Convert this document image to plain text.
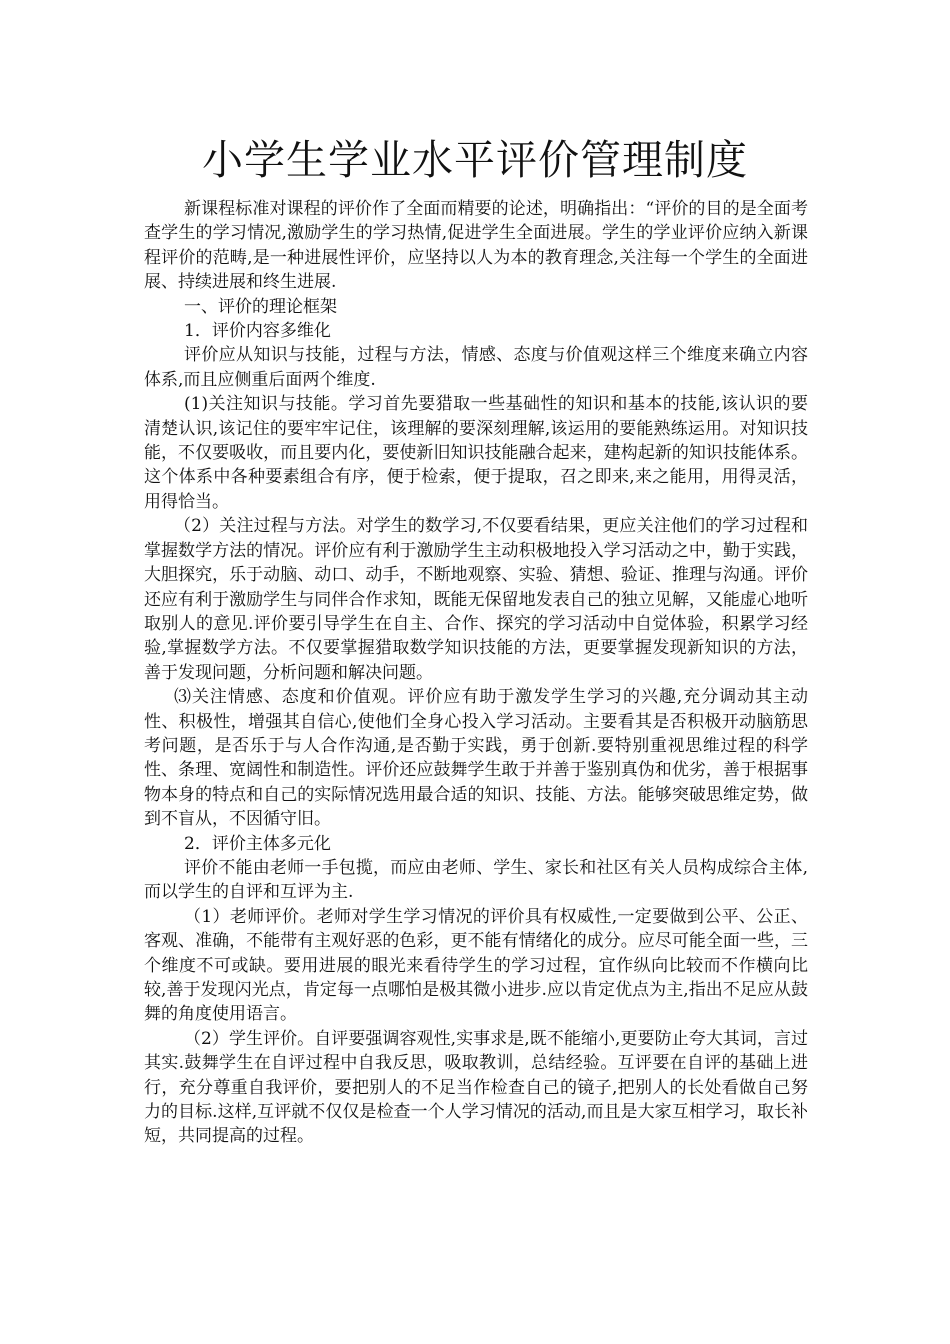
小学生学业水平评价管理制度

新课程标准对课程的评价作了全面而精要的论述，明确指出：“评价的目的是全面考查学生的学习情况,激励学生的学习热情,促进学生全面进展。学生的学业评价应纳入新课程评价的范畴,是一种进展性评价，应坚持以人为本的教育理念,关注每一个学生的全面进展、持续进展和终生进展.

一、评价的理论框架

1．评价内容多维化

评价应从知识与技能，过程与方法，情感、态度与价值观这样三个维度来确立内容体系,而且应侧重后面两个维度.

(1)关注知识与技能。学习首先要猎取一些基础性的知识和基本的技能,该认识的要清楚认识,该记住的要牢牢记住，该理解的要深刻理解,该运用的要能熟练运用。对知识技能，不仅要吸收，而且要内化，要使新旧知识技能融合起来，建构起新的知识技能体系。这个体系中各种要素组合有序，便于检索，便于提取，召之即来,来之能用，用得灵活，用得恰当。

（2）关注过程与方法。对学生的数学习,不仅要看结果，更应关注他们的学习过程和掌握数学方法的情况。评价应有利于激励学生主动积极地投入学习活动之中，勤于实践，大胆探究，乐于动脑、动口、动手，不断地观察、实验、猜想、验证、推理与沟通。评价还应有利于激励学生与同伴合作求知，既能无保留地发表自己的独立见解，又能虚心地听取别人的意见.评价要引导学生在自主、合作、探究的学习活动中自觉体验，积累学习经验,掌握数学方法。不仅要掌握猎取数学知识技能的方法，更要掌握发现新知识的方法，善于发现问题，分析问题和解决问题。

⑶关注情感、态度和价值观。评价应有助于激发学生学习的兴趣,充分调动其主动性、积极性，增强其自信心,使他们全身心投入学习活动。主要看其是否积极开动脑筋思考问题，是否乐于与人合作沟通,是否勤于实践，勇于创新.要特别重视思维过程的科学性、条理、宽阔性和制造性。评价还应鼓舞学生敢于并善于鉴别真伪和优劣，善于根据事物本身的特点和自己的实际情况选用最合适的知识、技能、方法。能够突破思维定势，做到不盲从，不因循守旧。

2．评价主体多元化

评价不能由老师一手包揽，而应由老师、学生、家长和社区有关人员构成综合主体,而以学生的自评和互评为主.

（1）老师评价。老师对学生学习情况的评价具有权威性,一定要做到公平、公正、客观、准确，不能带有主观好恶的色彩，更不能有情绪化的成分。应尽可能全面一些，三个维度不可或缺。要用进展的眼光来看待学生的学习过程，宜作纵向比较而不作横向比较,善于发现闪光点，肯定每一点哪怕是极其微小进步.应以肯定优点为主,指出不足应从鼓舞的角度使用语言。

（2）学生评价。自评要强调容观性,实事求是,既不能缩小,更要防止夸大其词，言过其实.鼓舞学生在自评过程中自我反思，吸取教训，总结经验。互评要在自评的基础上进行，充分尊重自我评价，要把别人的不足当作检查自己的镜子,把别人的长处看做自己努力的目标.这样,互评就不仅仅是检查一个人学习情况的活动,而且是大家互相学习，取长补短，共同提高的过程。
